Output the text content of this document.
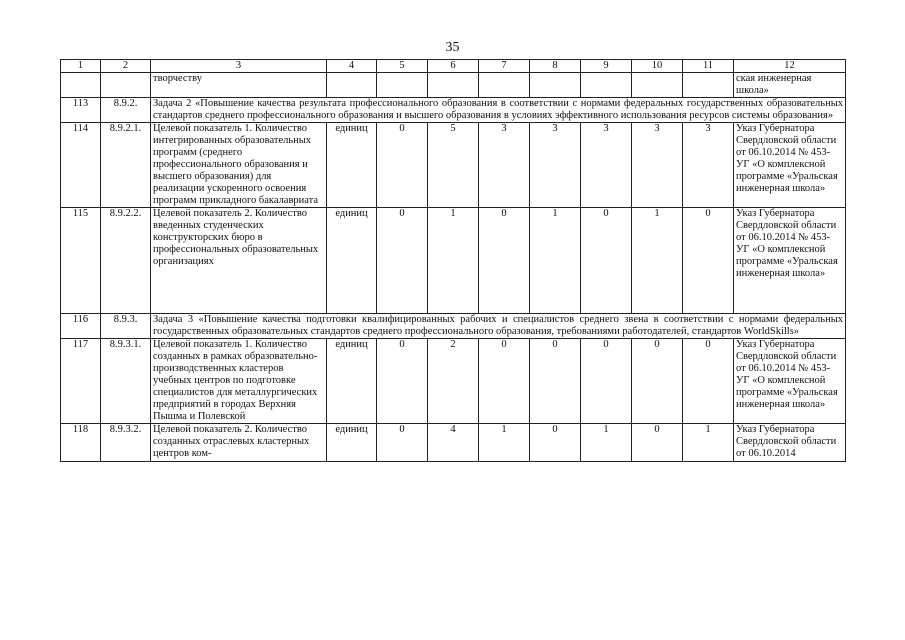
35
1	2	3	4	5	6	7	8	9	10	11	12
		творчеству									ская инженерная школа»
113	8.9.2.	Задача 2 «Повышение качества результата профессионального образования в соответствии с нормами федеральных государственных образовательных стандартов среднего профессионального образования и высшего образования в условиях эффективного использования ресурсов системы образования»									
114	8.9.2.1.	Целевой показатель 1. Количество интегрированных образовательных программ (среднего профессионального образования и высшего образования) для реализации ускоренного освоения программ прикладного бакалавриата	единиц	0	5	3	3	3	3	3	Указ Губернатора Свердловской области от 06.10.2014 № 453-УГ «О комплексной программе «Уральская инженерная школа»
115	8.9.2.2.	Целевой показатель 2. Количество введенных студенческих конструкторских бюро в профессиональных образовательных организациях	единиц	0	1	0	1	0	1	0	Указ Губернатора Свердловской области от 06.10.2014 № 453-УГ «О комплексной программе «Уральская инженерная школа»
116	8.9.3.	Задача 3 «Повышение качества подготовки квалифицированных рабочих и специалистов среднего звена в соответствии с нормами федеральных государственных образовательных стандартов среднего профессионального образования, требованиями работодателей, стандартов WorldSkills»									
117	8.9.3.1.	Целевой показатель 1. Количество созданных в рамках образовательно-производственных кластеров учебных центров по подготовке специалистов для металлургических предприятий в городах Верхняя Пышма и Полевской	единиц	0	2	0	0	0	0	0	Указ Губернатора Свердловской области от 06.10.2014 № 453-УГ «О комплексной программе «Уральская инженерная школа»
118	8.9.3.2.	Целевой показатель 2. Количество созданных отраслевых кластерных центров ком-	единиц	0	4	1	0	1	0	1	Указ Губернатора Свердловской области от 06.10.2014
